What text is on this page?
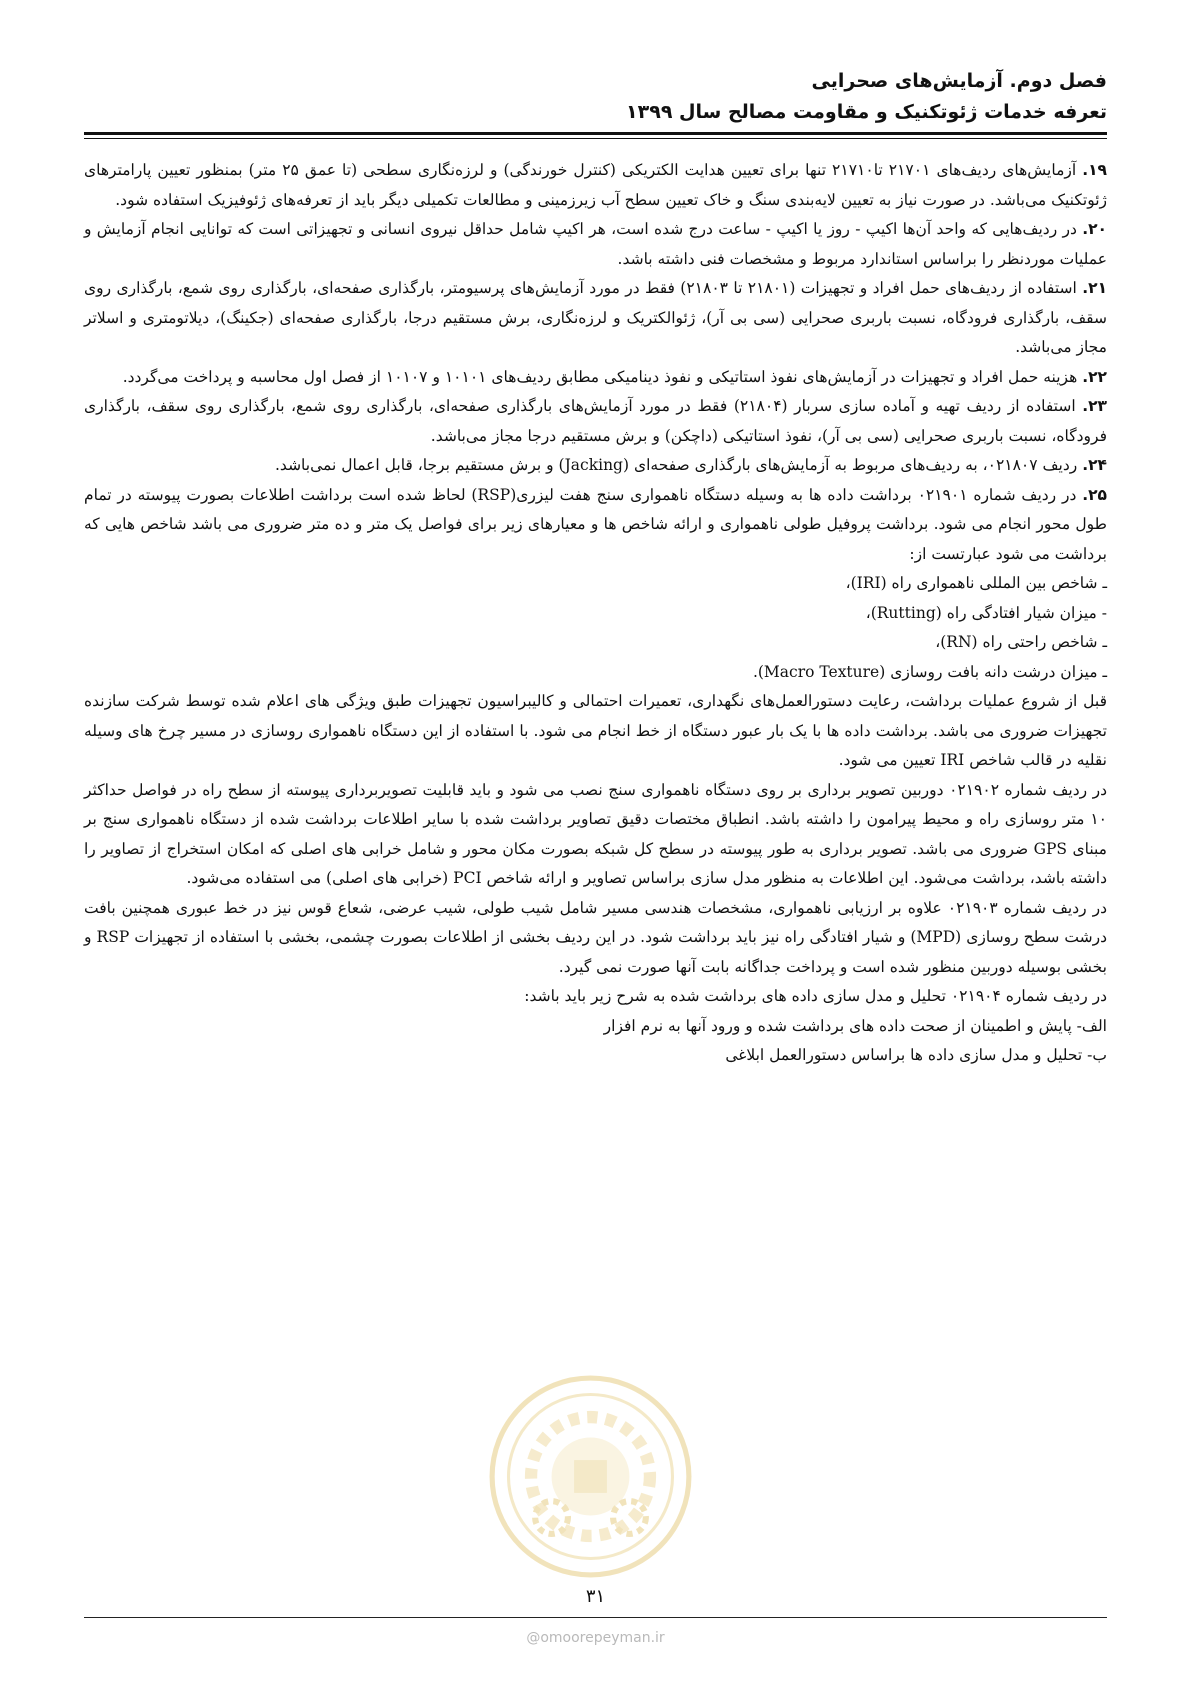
فصل دوم. آزمایش‌های صحرایی
تعرفه خدمات ژئوتکنیک و مقاومت مصالح سال ۱۳۹۹

۱۹. آزمایش‌های ردیف‌های ۲۱۷۰۱ تا۲۱۷۱۰ تنها برای تعیین هدایت الکتریکی (کنترل خورندگی) و لرزه‌نگاری سطحی (تا عمق ۲۵ متر) بمنظور تعیین پارامترهای ژئوتکنیک می‌باشد. در صورت نیاز به تعیین لایه‌بندی سنگ و خاک تعیین سطح آب زیرزمینی و مطالعات تکمیلی دیگر باید از تعرفه‌های ژئوفیزیک استفاده شود.

۲۰. در ردیف‌هایی که واحد آن‌ها اکیپ - روز یا اکیپ - ساعت درج شده است، هر اکیپ شامل حداقل نیروی انسانی و تجهیزاتی است که توانایی انجام آزمایش و عملیات موردنظر را براساس استاندارد مربوط و مشخصات فنی داشته باشد.

۲۱. استفاده از ردیف‌های حمل افراد و تجهیزات (۲۱۸۰۱ تا ۲۱۸۰۳) فقط در مورد آزمایش‌های پرسیومتر، بارگذاری صفحه‌ای، بارگذاری روی شمع، بارگذاری روی سقف، بارگذاری فرودگاه، نسبت باربری صحرایی (سی بی آر)، ژئوالکتریک و لرزه‌نگاری، برش مستقیم درجا، بارگذاری صفحه‌ای (جکینگ)، دیلاتومتری و اسلاتر مجاز می‌باشد.

۲۲. هزینه حمل افراد و تجهیزات در آزمایش‌های نفوذ استاتیکی و نفوذ دینامیکی مطابق ردیف‌های ۱۰۱۰۱ و ۱۰۱۰۷ از فصل اول محاسبه و پرداخت می‌گردد.

۲۳. استفاده از ردیف تهیه و آماده سازی سربار (۲۱۸۰۴) فقط در مورد آزمایش‌های بارگذاری صفحه‌ای، بارگذاری روی شمع، بارگذاری روی سقف، بارگذاری فرودگاه، نسبت باربری صحرایی (سی بی آر)، نفوذ استاتیکی (داچکن) و برش مستقیم درجا مجاز می‌باشد.

۲۴. ردیف ۰۲۱۸۰۷، به ردیف‌های مربوط به آزمایش‌های بارگذاری صفحه‌ای (Jacking) و برش مستقیم برجا، قابل اعمال نمی‌باشد.

۲۵. در ردیف شماره ۰۲۱۹۰۱ برداشت داده ها به وسیله دستگاه ناهمواری سنج هفت لیزری(RSP) لحاظ شده است برداشت اطلاعات بصورت پیوسته در تمام طول محور انجام می شود. برداشت پروفیل طولی ناهمواری و ارائه شاخص ها و معیارهای زیر برای فواصل یک متر و ده متر ضروری می باشد شاخص هایی که برداشت می شود عبارتست از:

ـ شاخص بین المللی ناهمواری راه (IRI)،

- میزان شیار افتادگی راه (Rutting)،

ـ شاخص راحتی راه (RN)،

ـ میزان درشت دانه بافت روسازی (Macro Texture).

قبل از شروع عملیات برداشت، رعایت دستورالعمل‌های نگهداری، تعمیرات احتمالی و کالیبراسیون تجهیزات طبق ویژگی های اعلام شده توسط شرکت سازنده تجهیزات ضروری می باشد. برداشت داده ها با یک بار عبور دستگاه از خط انجام می شود. با استفاده از این دستگاه ناهمواری روسازی در مسیر چرخ های وسیله نقلیه در قالب شاخص IRI تعیین می شود.

در ردیف شماره ۰۲۱۹۰۲ دوربین تصویر برداری بر روی دستگاه ناهمواری سنج نصب می شود و باید قابلیت تصویربرداری پیوسته از سطح راه در فواصل حداکثر ۱۰ متر روسازی راه و محیط پیرامون را داشته باشد. انطباق مختصات دقیق تصاویر برداشت شده با سایر اطلاعات برداشت شده از دستگاه ناهمواری سنج بر مبنای GPS ضروری می باشد. تصویر برداری به طور پیوسته در سطح کل شبکه بصورت مکان محور و شامل خرابی های اصلی که امکان استخراج از تصاویر را داشته باشد، برداشت می‌شود. این اطلاعات به منظور مدل سازی براساس تصاویر و ارائه شاخص PCI (خرابی های اصلی) می استفاده می‌شود.

در ردیف شماره ۰۲۱۹۰۳ علاوه بر ارزیابی ناهمواری، مشخصات هندسی مسیر شامل شیب طولی، شیب عرضی، شعاع قوس نیز در خط عبوری همچنین بافت درشت سطح روسازی (MPD) و شیار افتادگی راه نیز باید برداشت شود. در این ردیف بخشی از اطلاعات بصورت چشمی، بخشی با استفاده از تجهیزات RSP و بخشی بوسیله دوربین منظور شده است و پرداخت جداگانه بابت آنها صورت نمی گیرد.

در ردیف شماره ۰۲۱۹۰۴ تحلیل و مدل سازی داده های برداشت شده به شرح زیر باید باشد:

الف- پایش و اطمینان از صحت داده های برداشت شده و ورود آنها به نرم افزار

ب- تحلیل و مدل سازی داده ها براساس دستورالعمل ابلاغی

۳۱
@omoorepeyman.ir
